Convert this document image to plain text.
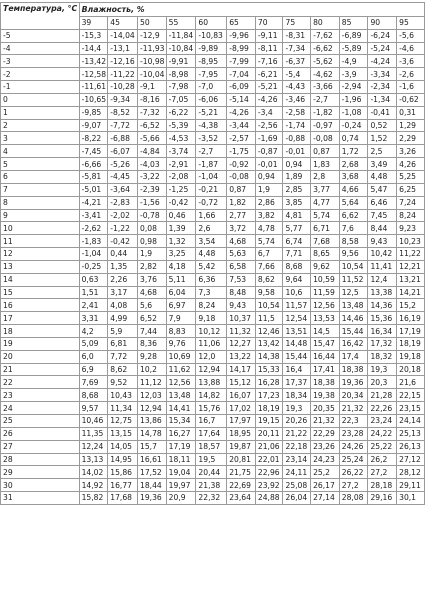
Температура, °С	Влажность, %											
	39	45	50	55	60	65	70	75	80	85	90	95
-5	-15,3	-14,04	-12,9	-11,84	-10,83	-9,96	-9,11	-8,31	-7,62	-6,89	-6,24	-5,6
-4	-14,4	-13,1	-11,93	-10,84	-9,89	-8,99	-8,11	-7,34	-6,62	-5,89	-5,24	-4,6
-3	-13,42	-12,16	-10,98	-9,91	-8,95	-7,99	-7,16	-6,37	-5,62	-4,9	-4,24	-3,6
-2	-12,58	-11,22	-10,04	-8,98	-7,95	-7,04	-6,21	-5,4	-4,62	-3,9	-3,34	-2,6
-1	-11,61	-10,28	-9,1	-7,98	-7,0	-6,09	-5,21	-4,43	-3,66	-2,94	-2,34	-1,6
0	-10,65	-9,34	-8,16	-7,05	-6,06	-5,14	-4,26	-3,46	-2,7	-1,96	-1,34	-0,62
1	-9,85	-8,52	-7,32	-6,22	-5,21	-4,26	-3,4	-2,58	-1,82	-1,08	-0,41	0,31
2	-9,07	-7,72	-6,52	-5,39	-4,38	-3,44	-2,56	-1,74	-0,97	-0,24	0,52	1,29
3	-8,22	-6,88	-5,66	-4,53	-3,52	-2,57	-1,69	-0,88	-0,08	0,74	1,52	2,29
4	-7,45	-6,07	-4,84	-3,74	-2,7	-1,75	-0,87	-0,01	0,87	1,72	2,5	3,26
5	-6,66	-5,26	-4,03	-2,91	-1,87	-0,92	-0,01	0,94	1,83	2,68	3,49	4,26
6	-5,81	-4,45	-3,22	-2,08	-1,04	-0,08	0,94	1,89	2,8	3,68	4,48	5,25
7	-5,01	-3,64	-2,39	-1,25	-0,21	0,87	1,9	2,85	3,77	4,66	5,47	6,25
8	-4,21	-2,83	-1,56	-0,42	-0,72	1,82	2,86	3,85	4,77	5,64	6,46	7,24
9	-3,41	-2,02	-0,78	0,46	1,66	2,77	3,82	4,81	5,74	6,62	7,45	8,24
10	-2,62	-1,22	0,08	1,39	2,6	3,72	4,78	5,77	6,71	7,6	8,44	9,23
11	-1,83	-0,42	0,98	1,32	3,54	4,68	5,74	6,74	7,68	8,58	9,43	10,23
12	-1,04	0,44	1,9	3,25	4,48	5,63	6,7	7,71	8,65	9,56	10,42	11,22
13	-0,25	1,35	2,82	4,18	5,42	6,58	7,66	8,68	9,62	10,54	11,41	12,21
14	0,63	2,26	3,76	5,11	6,36	7,53	8,62	9,64	10,59	11,52	12,4	13,21
15	1,51	3,17	4,68	6,04	7,3	8,48	9,58	10,6	11,59	12,5	13,38	14,21
16	2,41	4,08	5,6	6,97	8,24	9,43	10,54	11,57	12,56	13,48	14,36	15,2
17	3,31	4,99	6,52	7,9	9,18	10,37	11,5	12,54	13,53	14,46	15,36	16,19
18	4,2	5,9	7,44	8,83	10,12	11,32	12,46	13,51	14,5	15,44	16,34	17,19
19	5,09	6,81	8,36	9,76	11,06	12,27	13,42	14,48	15,47	16,42	17,32	18,19
20	6,0	7,72	9,28	10,69	12,0	13,22	14,38	15,44	16,44	17,4	18,32	19,18
21	6,9	8,62	10,2	11,62	12,94	14,17	15,33	16,4	17,41	18,38	19,3	20,18
22	7,69	9,52	11,12	12,56	13,88	15,12	16,28	17,37	18,38	19,36	20,3	21,6
23	8,68	10,43	12,03	13,48	14,82	16,07	17,23	18,34	19,38	20,34	21,28	22,15
24	9,57	11,34	12,94	14,41	15,76	17,02	18,19	19,3	20,35	21,32	22,26	23,15
25	10,46	12,75	13,86	15,34	16,7	17,97	19,15	20,26	21,32	22,3	23,24	24,14
26	11,35	13,15	14,78	16,27	17,64	18,95	20,11	21,22	22,29	23,28	24,22	25,13
27	12,24	14,05	15,7	17,19	18,57	19,87	21,06	22,18	23,26	24,26	25,22	26,13
28	13,13	14,95	16,61	18,11	19,5	20,81	22,01	23,14	24,23	25,24	26,2	27,12
29	14,02	15,86	17,52	19,04	20,44	21,75	22,96	24,11	25,2	26,22	27,2	28,12
30	14,92	16,77	18,44	19,97	21,38	22,69	23,92	25,08	26,17	27,2	28,18	29,11
31	15,82	17,68	19,36	20,9	22,32	23,64	24,88	26,04	27,14	28,08	29,16	30,1
